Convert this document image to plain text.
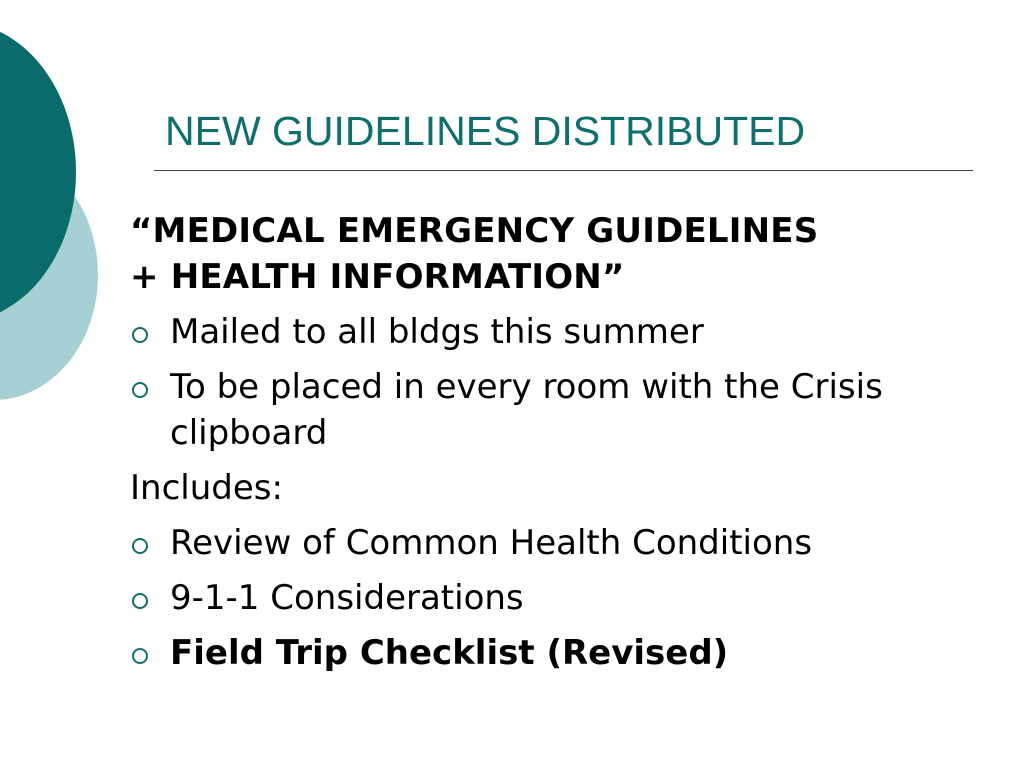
NEW GUIDELINES DISTRIBUTED
“MEDICAL EMERGENCY GUIDELINES
+ HEALTH INFORMATION”
Mailed to all bldgs this summer
To be placed in every room with the Crisis clipboard
Includes:
Review of Common Health Conditions
9-1-1 Considerations
Field Trip Checklist (Revised)
